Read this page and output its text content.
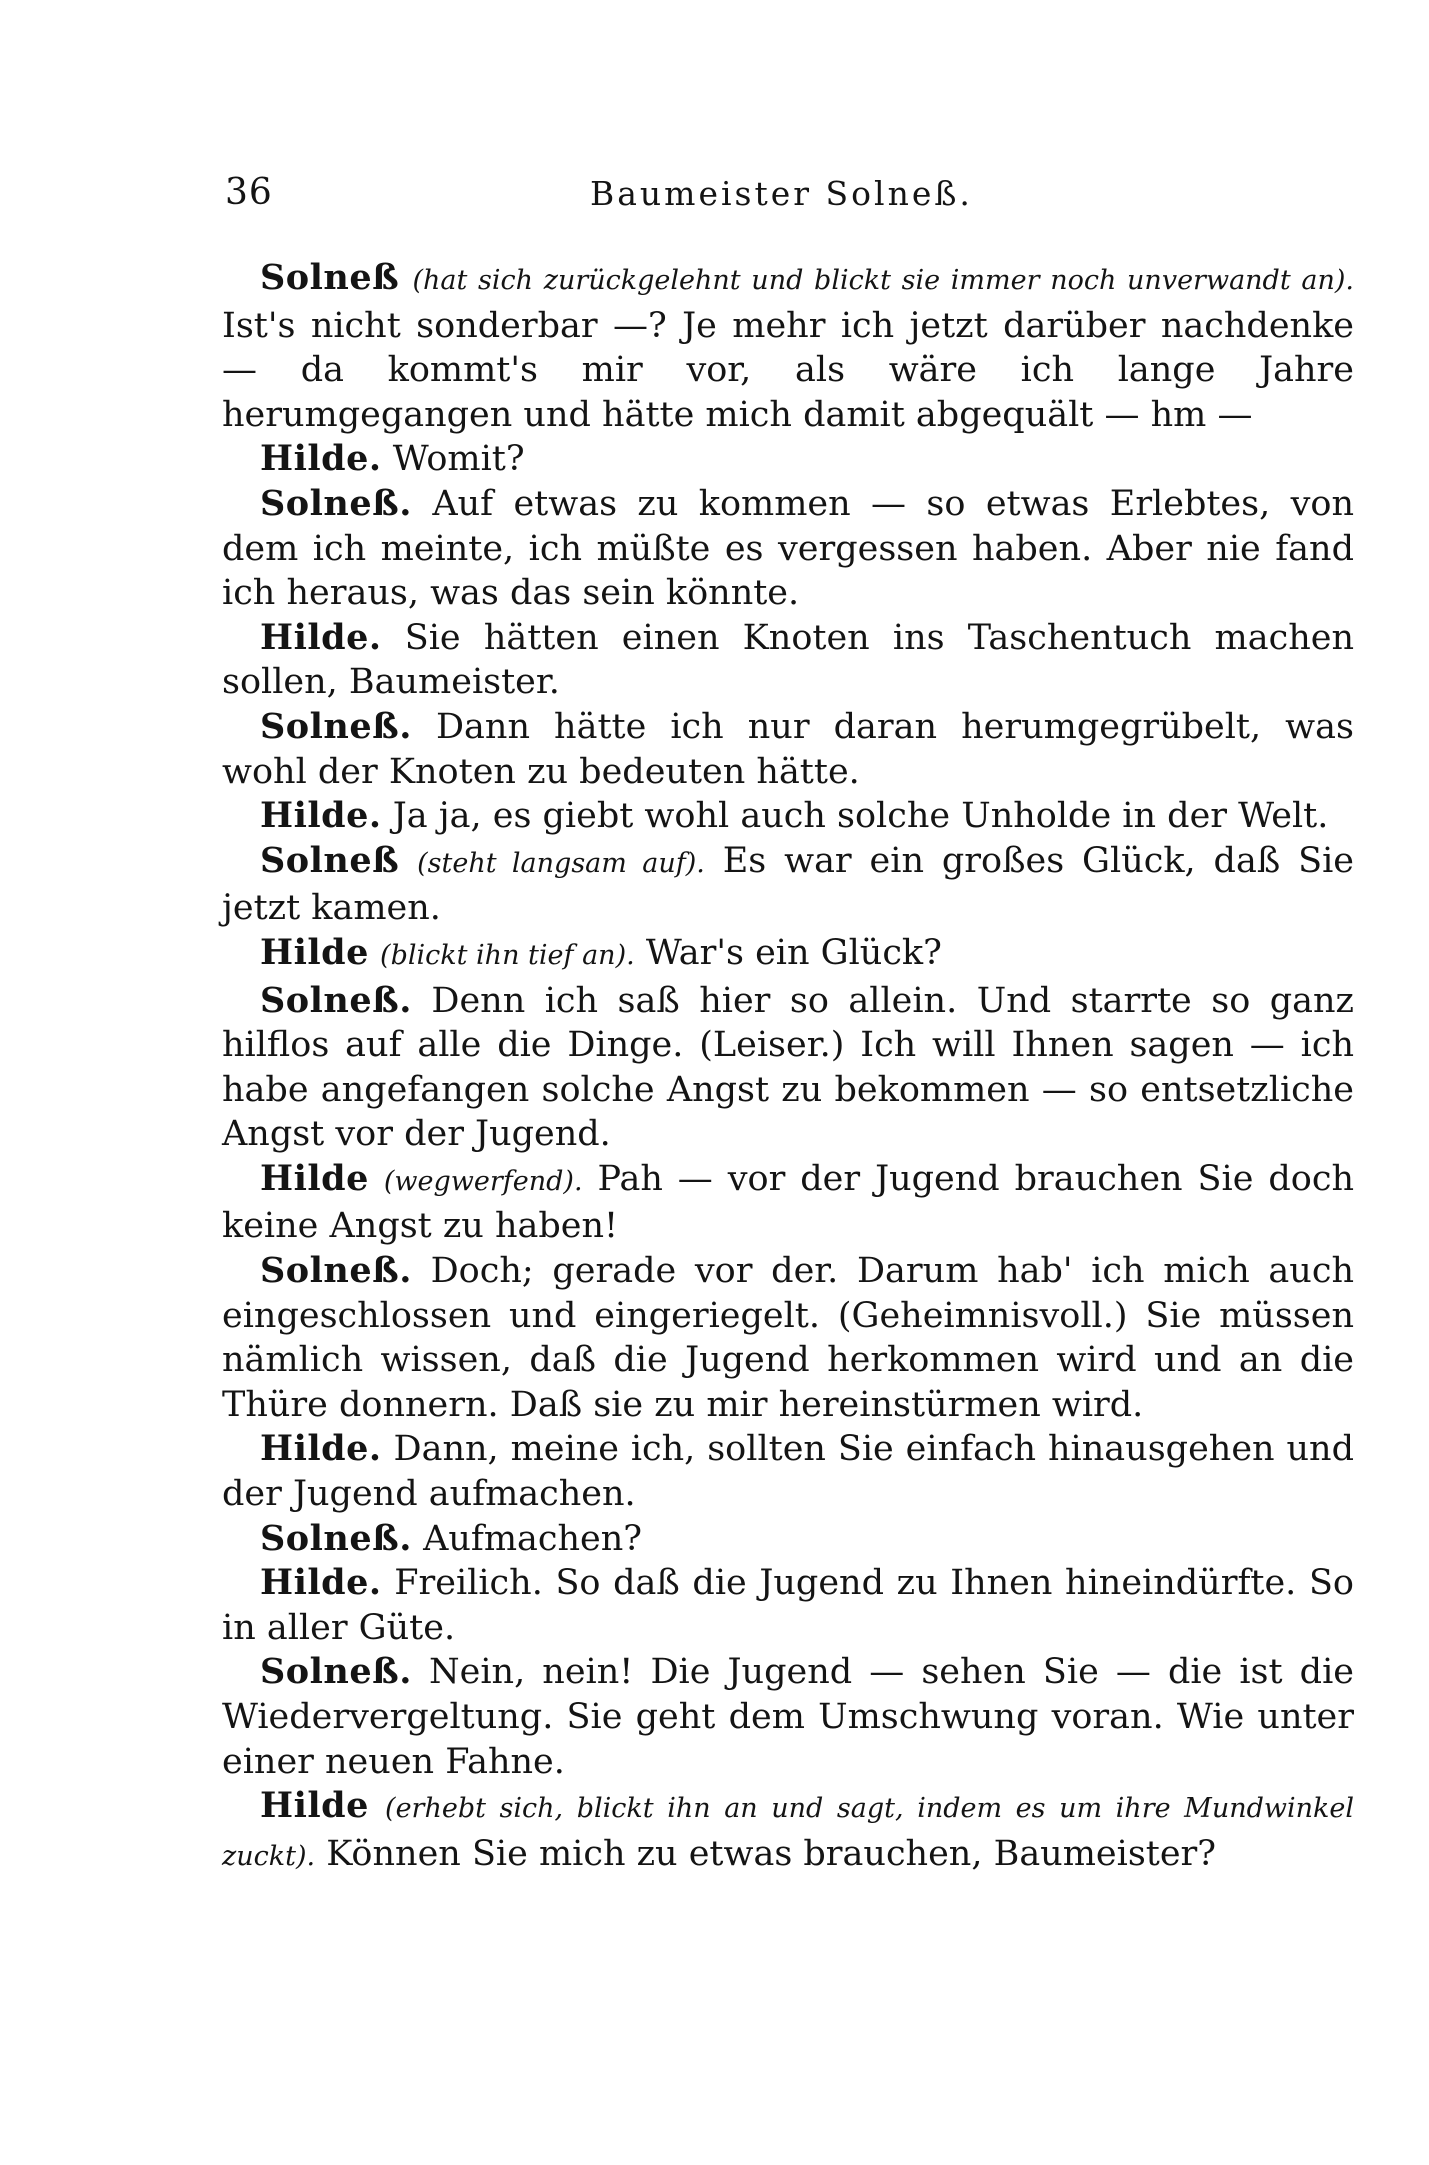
36	Baumeister Solneß.

Solneß (hat sich zurückgelehnt und blickt sie immer noch unverwandt an). Ist's nicht sonderbar —? Je mehr ich jetzt darüber nachdenke — da kommt's mir vor, als wäre ich lange Jahre herumgegangen und hätte mich damit abgequält — hm —

Hilde. Womit?

Solneß. Auf etwas zu kommen — so etwas Erlebtes, von dem ich meinte, ich müßte es vergessen haben. Aber nie fand ich heraus, was das sein könnte.

Hilde. Sie hätten einen Knoten ins Taschentuch machen sollen, Baumeister.

Solneß. Dann hätte ich nur daran herumgegrübelt, was wohl der Knoten zu bedeuten hätte.

Hilde. Ja ja, es giebt wohl auch solche Unholde in der Welt.

Solneß (steht langsam auf). Es war ein großes Glück, daß Sie jetzt kamen.

Hilde (blickt ihn tief an). War's ein Glück?

Solneß. Denn ich saß hier so allein. Und starrte so ganz hilflos auf alle die Dinge. (Leiser.) Ich will Ihnen sagen — ich habe angefangen solche Angst zu bekommen — so entsetzliche Angst vor der Jugend.

Hilde (wegwerfend). Pah — vor der Jugend brauchen Sie doch keine Angst zu haben!

Solneß. Doch; gerade vor der. Darum hab' ich mich auch eingeschlossen und eingeriegelt. (Geheimnisvoll.) Sie müssen nämlich wissen, daß die Jugend herkommen wird und an die Thüre donnern. Daß sie zu mir hereinstürmen wird.

Hilde. Dann, meine ich, sollten Sie einfach hinausgehen und der Jugend aufmachen.

Solneß. Aufmachen?

Hilde. Freilich. So daß die Jugend zu Ihnen hineindürfte. So in aller Güte.

Solneß. Nein, nein! Die Jugend — sehen Sie — die ist die Wiedervergeltung. Sie geht dem Umschwung voran. Wie unter einer neuen Fahne.

Hilde (erhebt sich, blickt ihn an und sagt, indem es um ihre Mundwinkel zuckt). Können Sie mich zu etwas brauchen, Baumeister?
